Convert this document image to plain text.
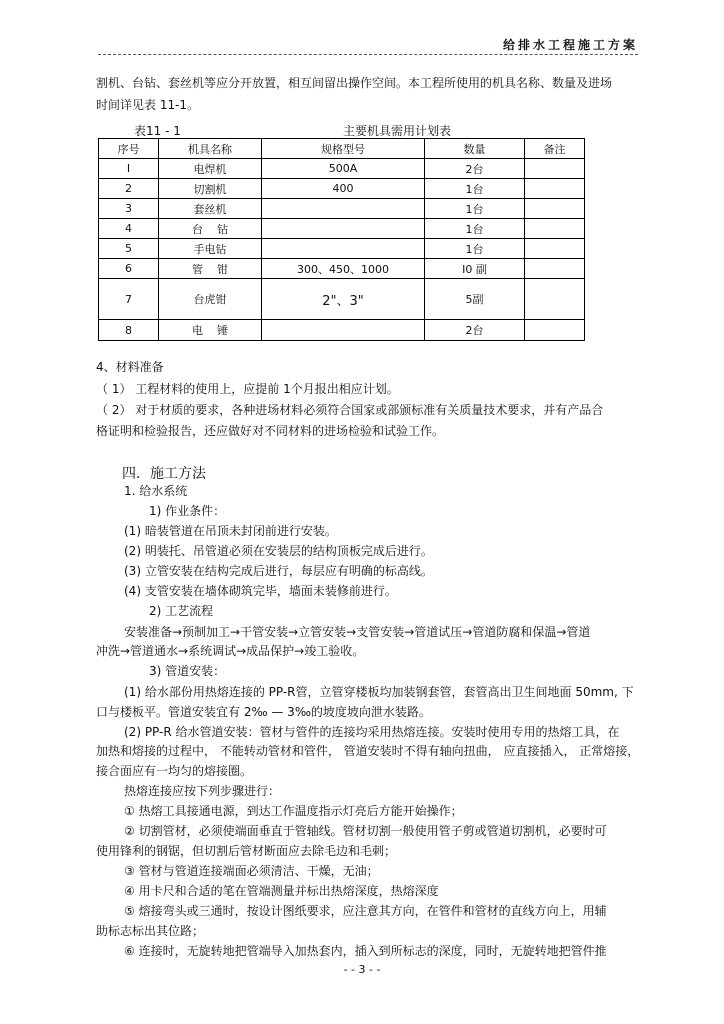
给排水工程施工方案
割机、台钻、套丝机等应分开放置，相互间留出操作空间。本工程所使用的机具名称、数量及进场
时间详见表 11-1。
表11 - 1	主要机具需用计划表
序号	机具名称	规格型号	数量	备注
I	电焊机	500A	2台	
2	切割机	400	1台	
3	套丝机		1台	
4	台    钻		1台	
5	手电钻		1台	
6	管    钳	300、450、1000	I0 副	
7	台虎钳	2"、3"	5副	
8	电    锤		2台	
4、材料准备
（ 1） 工程材料的使用上，应提前 1个月报出相应计划。
（ 2） 对于材质的要求，各种进场材料必须符合国家或部颁标准有关质量技术要求，并有产品合
格证明和检验报告，还应做好对不同材料的进场检验和试验工作。
四．施工方法
1. 给水系统
1) 作业条件：
(1) 暗装管道在吊顶未封闭前进行安装。
(2) 明装托、吊管道必须在安装层的结构顶板完成后进行。
(3) 立管安装在结构完成后进行，每层应有明确的标高线。
(4) 支管安装在墙体砌筑完毕，墙面未装修前进行。
2) 工艺流程
安装准备→预制加工→干管安装→立管安装→支管安装→管道试压→管道防腐和保温→管道
冲洗→管道通水→系统调试→成品保护→竣工验收。
3) 管道安装：
(1) 给水部份用热熔连接的 PP-R管，立管穿楼板均加装钢套管，套管高出卫生间地面 50mm, 下
口与楼板平。管道安装宜有 2‰ — 3‰的坡度坡向泄水装路。
(2) PP-R 给水管道安装：管材与管件的连接均采用热熔连接。安装时使用专用的热熔工具，在
加热和熔接的过程中， 不能转动管材和管件， 管道安装时不得有轴向扭曲， 应直接插入， 正常熔接，
接合面应有一均匀的熔接圈。
热熔连接应按下列步骤进行：
① 热熔工具接通电源，到达工作温度指示灯亮后方能开始操作；
② 切割管材，必须使端面垂直于管轴线。管材切割一般使用管子剪或管道切割机，必要时可
使用锋利的钢锯，但切割后管材断面应去除毛边和毛刺；
③ 管材与管道连接端面必须清洁、干燥，无油；
④ 用卡尺和合适的笔在管端测量并标出热熔深度，热熔深度
⑤ 熔接弯头或三通时，按设计图纸要求，应注意其方向，在管件和管材的直线方向上，用辅
助标志标出其位路；
⑥ 连接时，无旋转地把管端导入加热套内，插入到所标志的深度，同时，无旋转地把管件推
- - 3 - -
